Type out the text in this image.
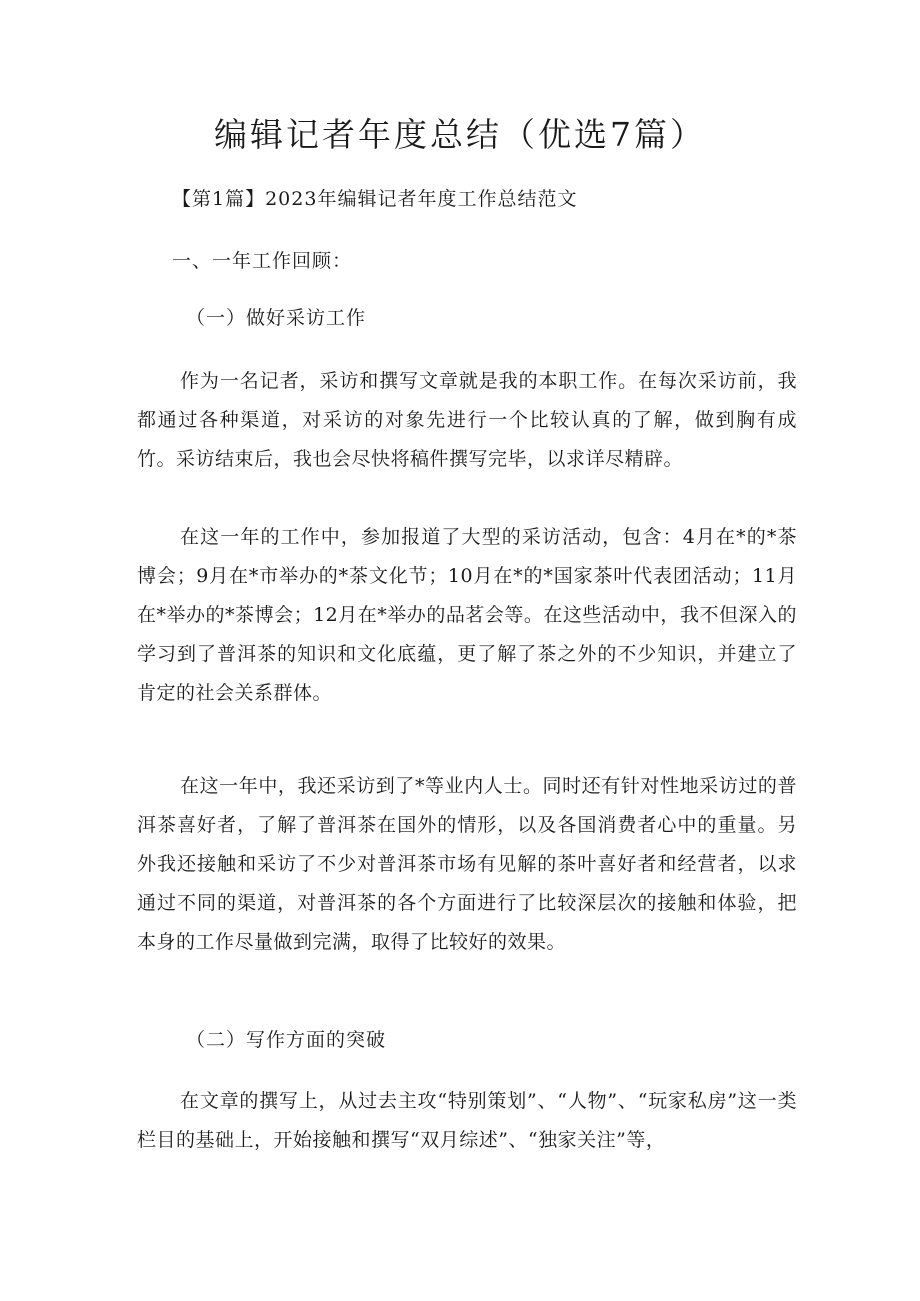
编辑记者年度总结（优选7篇）

【第1篇】2023年编辑记者年度工作总结范文

一、一年工作回顾：

（一）做好采访工作

作为一名记者，采访和撰写文章就是我的本职工作。在每次采访前，我都通过各种渠道，对采访的对象先进行一个比较认真的了解，做到胸有成竹。采访结束后，我也会尽快将稿件撰写完毕，以求详尽精辟。

在这一年的工作中，参加报道了大型的采访活动，包含：4月在*的*茶博会；9月在*市举办的*茶文化节；10月在*的*国家茶叶代表团活动；11月在*举办的*茶博会；12月在*举办的品茗会等。在这些活动中，我不但深入的学习到了普洱茶的知识和文化底蕴，更了解了茶之外的不少知识，并建立了肯定的社会关系群体。

在这一年中，我还采访到了*等业内人士。同时还有针对性地采访过的普洱茶喜好者，了解了普洱茶在国外的情形，以及各国消费者心中的重量。另外我还接触和采访了不少对普洱茶市场有见解的茶叶喜好者和经营者，以求通过不同的渠道，对普洱茶的各个方面进行了比较深层次的接触和体验，把本身的工作尽量做到完满，取得了比较好的效果。

（二）写作方面的突破

在文章的撰写上，从过去主攻“特别策划”、“人物”、“玩家私房”这一类栏目的基础上，开始接触和撰写“双月综述”、“独家关注”等，
